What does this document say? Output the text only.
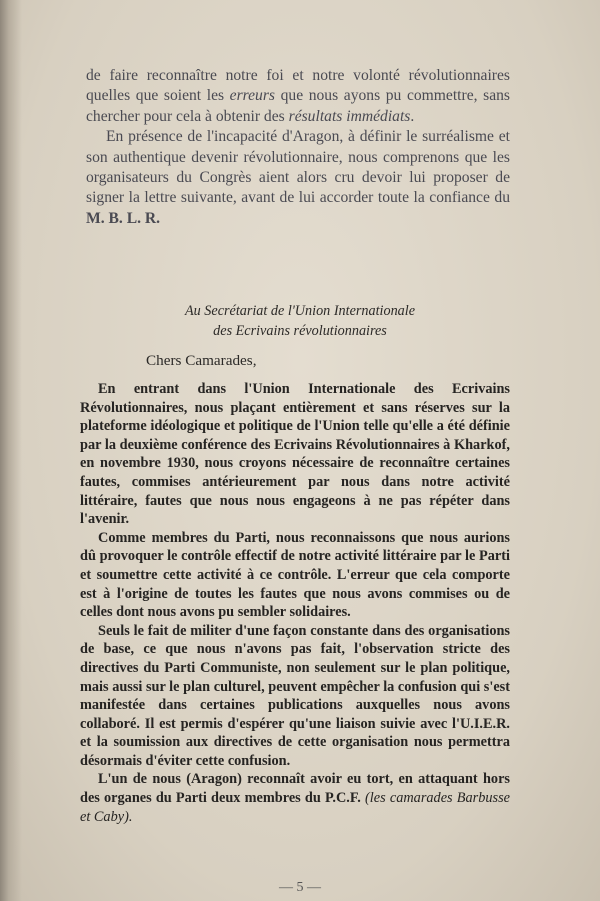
de faire reconnaître notre foi et notre volonté révolutionnaires quelles que soient les erreurs que nous ayons pu commettre, sans chercher pour cela à obtenir des résultats immédiats.

En présence de l'incapacité d'Aragon, à définir le surréalisme et son authentique devenir révolutionnaire, nous comprenons que les organisateurs du Congrès aient alors cru devoir lui proposer de signer la lettre suivante, avant de lui accorder toute la confiance du M. B. L. R.

Au Secrétariat de l'Union Internationale
des Ecrivains révolutionnaires
Chers Camarades,

En entrant dans l'Union Internationale des Ecrivains Révolutionnaires, nous plaçant entièrement et sans réserves sur la plateforme idéologique et politique de l'Union telle qu'elle a été définie par la deuxième conférence des Ecrivains Révolutionnaires à Kharkof, en novembre 1930, nous croyons nécessaire de reconnaître certaines fautes, commises antérieurement par nous dans notre activité littéraire, fautes que nous nous engageons à ne pas répéter dans l'avenir.

Comme membres du Parti, nous reconnaissons que nous aurions dû provoquer le contrôle effectif de notre activité littéraire par le Parti et soumettre cette activité à ce contrôle. L'erreur que cela comporte est à l'origine de toutes les fautes que nous avons commises ou de celles dont nous avons pu sembler solidaires.

Seuls le fait de militer d'une façon constante dans des organisations de base, ce que nous n'avons pas fait, l'observation stricte des directives du Parti Communiste, non seulement sur le plan politique, mais aussi sur le plan culturel, peuvent empêcher la confusion qui s'est manifestée dans certaines publications auxquelles nous avons collaboré. Il est permis d'espérer qu'une liaison suivie avec l'U.I.E.R. et la soumission aux directives de cette organisation nous permettra désormais d'éviter cette confusion.

L'un de nous (Aragon) reconnaît avoir eu tort, en attaquant hors des organes du Parti deux membres du P.C.F. (les camarades Barbusse et Caby).

— 5 —
